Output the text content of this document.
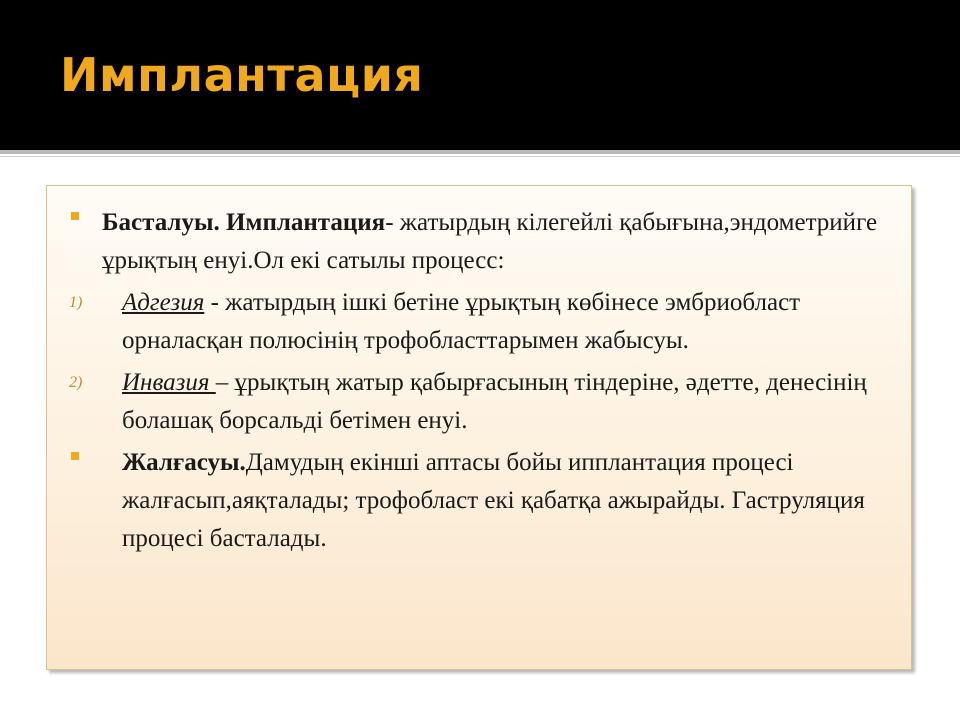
Имплантация
Басталуы. Имплантация- жатырдың кілегейлі қабығына,эндометрийге ұрықтың енуі.Ол екі сатылы процесс:
1) Адгезия - жатырдың ішкі бетіне ұрықтың көбінесе эмбриобласт орналасқан полюсінің трофобласттарымен жабысуы.
2) Инвазия – ұрықтың жатыр қабырғасының тіндеріне, әдетте, денесінің болашақ борсальді бетімен енуі.
Жалғасуы.Дамудың екінші аптасы бойы ипплантация процесі жалғасып,аяқталады; трофобласт екі қабатқа ажырайды. Гаструляция процесі басталады.
